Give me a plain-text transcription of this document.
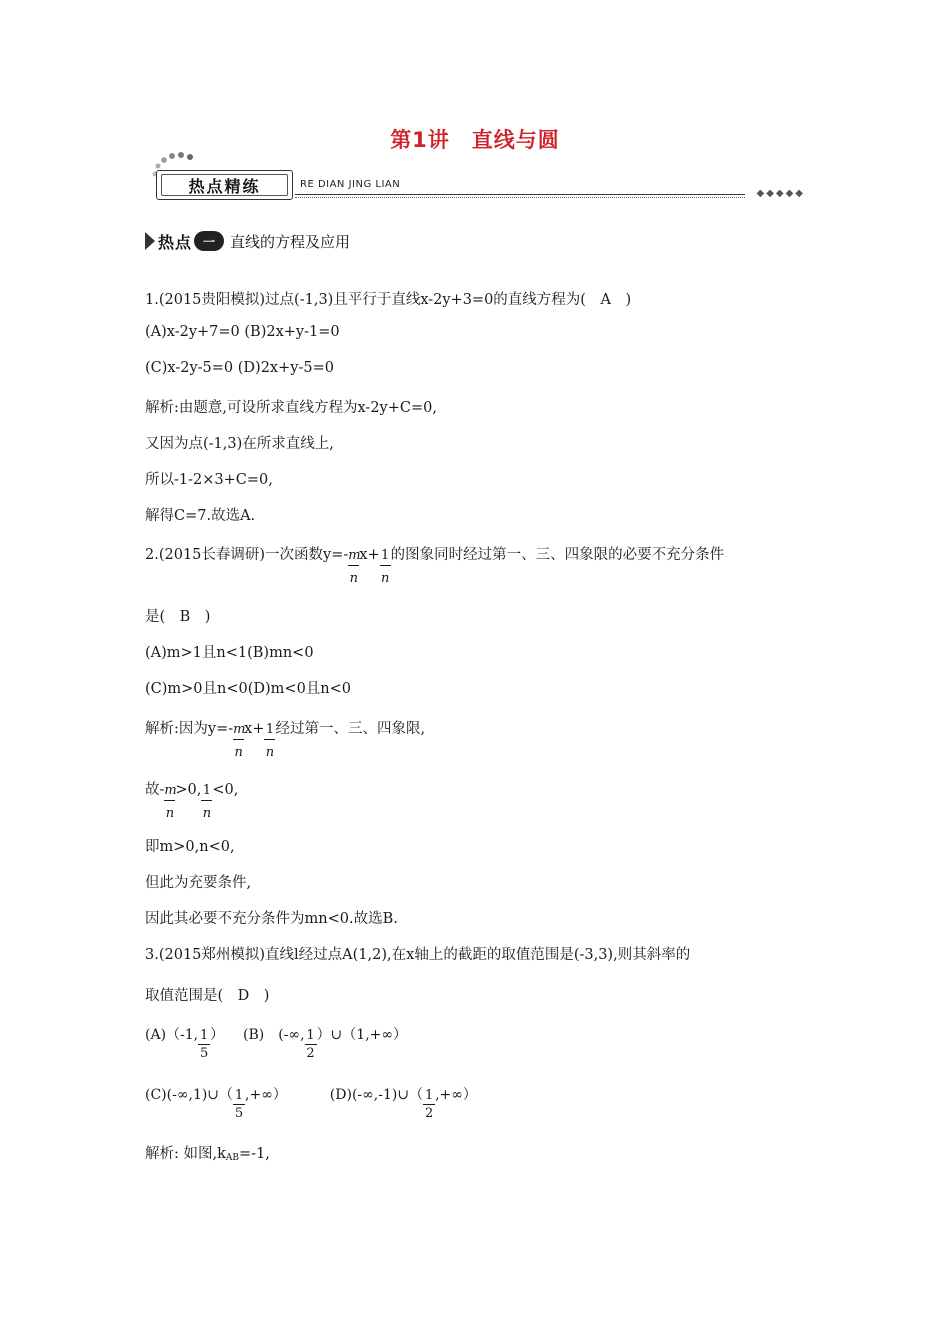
第1讲　直线与圆
热点精练	RE DIAN JING LIAN
◆◆◆◆◆
热点 一	直线的方程及应用
1.(2015贵阳模拟)过点(-1,3)且平行于直线x-2y+3=0的直线方程为(　A　)
(A)x-2y+7=0 (B)2x+y-1=0
(C)x-2y-5=0 (D)2x+y-5=0
解析:由题意,可设所求直线方程为x-2y+C=0,
又因为点(-1,3)在所求直线上,
所以-1-2×3+C=0,
解得C=7.故选A.
2.(2015长春调研)一次函数$y=- \frac{m}{n} x+ \frac{1}{n}$ 的图象同时经过第一、三、四象限的必要不充分条件
是(　B　)
(A)m>1且n<1(B)mn<0
(C)m>0且n<0(D)m<0且n<0
解析:因为$y=- \frac{m}{n} x+ \frac{1}{n}$ 经过第一、三、四象限,
故- $\frac{m}{n} >0$, $\frac{1}{n} <0$,
即m>0,n<0,
但此为充要条件,
因此其必要不充分条件为mn<0.故选B.
3.(2015郑州模拟)直线l经过点A(1,2),在x轴上的截距的取值范围是(-3,3),则其斜率的
取值范围是(　D　)
$(A)(-1,\frac{1}{5}$ ） (B)　($-\infty,\frac{1}{2}$ ）∪（1,+∞）
$(C)(-\infty,1)\cup(\frac{1}{5}$ ,+∞）	$(D)(-\infty,-1)\cup(\frac{1}{2}$ ,+∞）
解析: 如图$,k_{AB}=-1$,
